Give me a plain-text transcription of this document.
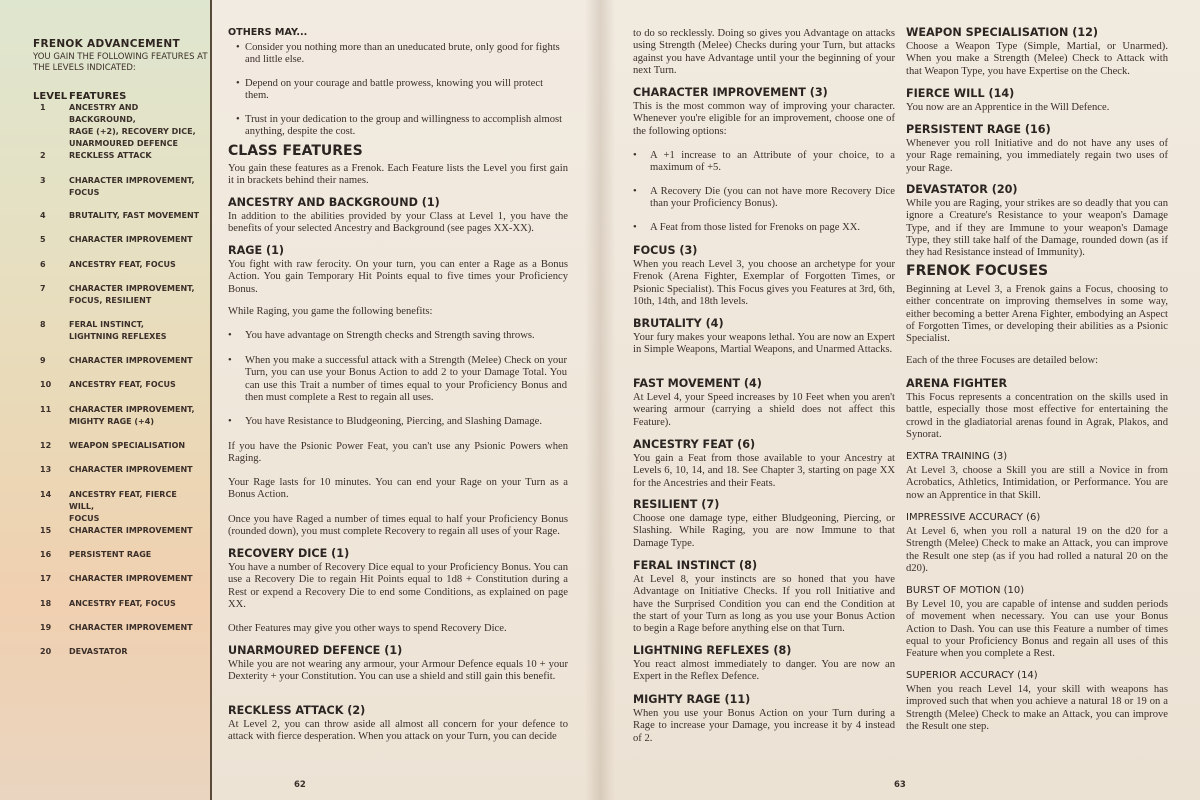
FRENOK ADVANCEMENT
YOU GAIN THE FOLLOWING FEATURES AT
THE LEVELS INDICATED:
LEVEL FEATURES
1	ANCESTRY AND BACKGROUND,
RAGE (+2), RECOVERY DICE,
UNARMOURED DEFENCE
2	RECKLESS ATTACK
3	CHARACTER IMPROVEMENT,
FOCUS
4	BRUTALITY, FAST MOVEMENT
5	CHARACTER IMPROVEMENT
6	ANCESTRY FEAT, FOCUS
7	CHARACTER IMPROVEMENT,
FOCUS, RESILIENT
8	FERAL INSTINCT,
LIGHTNING REFLEXES
9	CHARACTER IMPROVEMENT
10	ANCESTRY FEAT, FOCUS
11	CHARACTER IMPROVEMENT,
MIGHTY RAGE (+4)
12	WEAPON SPECIALISATION
13	CHARACTER IMPROVEMENT
14	ANCESTRY FEAT, FIERCE WILL,
FOCUS
15	CHARACTER IMPROVEMENT
16	PERSISTENT RAGE
17	CHARACTER IMPROVEMENT
18	ANCESTRY FEAT, FOCUS
19	CHARACTER IMPROVEMENT
20	DEVASTATOR
OTHERS MAY...
• Consider you nothing more than an uneducated brute, only good for fights and little else.
• Depend on your courage and battle prowess, knowing you will protect them.
• Trust in your dedication to the group and willingness to accomplish almost anything, despite the cost.
CLASS FEATURES

You gain these features as a Frenok. Each Feature lists the Level you first gain it in brackets behind their names.

ANCESTRY AND BACKGROUND (1)

In addition to the abilities provided by your Class at Level 1, you have the benefits of your selected Ancestry and Background (see pages XX-XX).

RAGE (1)

You fight with raw ferocity. On your turn, you can enter a Rage as a Bonus Action. You gain Temporary Hit Points equal to five times your Proficiency Bonus.

While Raging, you game the following benefits:

• You have advantage on Strength checks and Strength saving throws.
• When you make a successful attack with a Strength (Melee) Check on your Turn, you can use your Bonus Action to add 2 to your Damage Total. You can use this Trait a number of times equal to your Proficiency Bonus and then must complete a Rest to regain all uses.
• You have Resistance to Bludgeoning, Piercing, and Slashing Damage.

If you have the Psionic Power Feat, you can't use any Psionic Powers when Raging.

Your Rage lasts for 10 minutes. You can end your Rage on your Turn as a Bonus Action.

Once you have Raged a number of times equal to half your Proficiency Bonus (rounded down), you must complete Recovery to regain all uses of your Rage.

RECOVERY DICE (1)

You have a number of Recovery Dice equal to your Proficiency Bonus. You can use a Recovery Die to regain Hit Points equal to 1d8 + Constitution during a Rest or expend a Recovery Die to end some Conditions, as explained on page XX.

Other Features may give you other ways to spend Recovery Dice.

UNARMOURED DEFENCE (1)

While you are not wearing any armour, your Armour Defence equals 10 + your Dexterity + your Constitution. You can use a shield and still gain this benefit.

RECKLESS ATTACK (2)

At Level 2, you can throw aside all almost all concern for your defence to attack with fierce desperation. When you attack on your Turn, you can decide

62

to do so recklessly. Doing so gives you Advantage on attacks using Strength (Melee) Checks during your Turn, but attacks against you have Advantage until your the beginning of your next Turn.

CHARACTER IMPROVEMENT (3)

This is the most common way of improving your character. Whenever you're eligible for an improvement, choose one of the following options:

• A +1 increase to an Attribute of your choice, to a maximum of +5.
• A Recovery Die (you can not have more Recovery Dice than your Proficiency Bonus).
• A Feat from those listed for Frenoks on page XX.
FOCUS (3)

When you reach Level 3, you choose an archetype for your Frenok (Arena Fighter, Exemplar of Forgotten Times, or Psionic Specialist). This Focus gives you Features at 3rd, 6th, 10th, 14th, and 18th levels.

BRUTALITY (4)

Your fury makes your weapons lethal. You are now an Expert in Simple Weapons, Martial Weapons, and Unarmed Attacks.

FAST MOVEMENT (4)

At Level 4, your Speed increases by 10 Feet when you aren't wearing armour (carrying a shield does not affect this Feature).

ANCESTRY FEAT (6)

You gain a Feat from those available to your Ancestry at Levels 6, 10, 14, and 18. See Chapter 3, starting on page XX for the Ancestries and their Feats.

RESILIENT (7)

Choose one damage type, either Bludgeoning, Piercing, or Slashing. While Raging, you are now Immune to that Damage Type.

FERAL INSTINCT (8)

At Level 8, your instincts are so honed that you have Advantage on Initiative Checks. If you roll Initiative and have the Surprised Condition you can end the Condition at the start of your Turn as long as you use your Bonus Action to begin a Rage before anything else on that Turn.

LIGHTNING REFLEXES (8)

You react almost immediately to danger. You are now an Expert in the Reflex Defence.

MIGHTY RAGE (11)

When you use your Bonus Action on your Turn during a Rage to increase your Damage, you increase it by 4 instead of 2.

WEAPON SPECIALISATION (12)

Choose a Weapon Type (Simple, Martial, or Unarmed). When you make a Strength (Melee) Check to Attack with that Weapon Type, you have Expertise on the Check.

FIERCE WILL (14)

You now are an Apprentice in the Will Defence.

PERSISTENT RAGE (16)

Whenever you roll Initiative and do not have any uses of your Rage remaining, you immediately regain two uses of your Rage.

DEVASTATOR (20)

While you are Raging, your strikes are so deadly that you can ignore a Creature's Resistance to your weapon's Damage Type, and if they are Immune to your weapon's Damage Type, they still take half of the Damage, rounded down (as if they had Resistance instead of Immunity).

FRENOK FOCUSES

Beginning at Level 3, a Frenok gains a Focus, choosing to either concentrate on improving themselves in some way, either becoming a better Arena Fighter, embodying an Aspect of Forgotten Times, or developing their abilities as a Psionic Specialist.

Each of the three Focuses are detailed below:

ARENA FIGHTER

This Focus represents a concentration on the skills used in battle, especially those most effective for entertaining the crowd in the gladiatorial arenas found in Agrak, Plakos, and Synorat.

EXTRA TRAINING (3)

At Level 3, choose a Skill you are still a Novice in from Acrobatics, Athletics, Intimidation, or Performance. You are now an Apprentice in that Skill.

IMPRESSIVE ACCURACY (6)

At Level 6, when you roll a natural 19 on the d20 for a Strength (Melee) Check to make an Attack, you can improve the Result one step (as if you had rolled a natural 20 on the d20).

BURST OF MOTION (10)

By Level 10, you are capable of intense and sudden periods of movement when necessary. You can use your Bonus Action to Dash. You can use this Feature a number of times equal to your Proficiency Bonus and regain all uses of this Feature when you complete a Rest.

SUPERIOR ACCURACY (14)

When you reach Level 14, your skill with weapons has improved such that when you achieve a natural 18 or 19 on a Strength (Melee) Check to make an Attack, you can improve the Result one step.

63
